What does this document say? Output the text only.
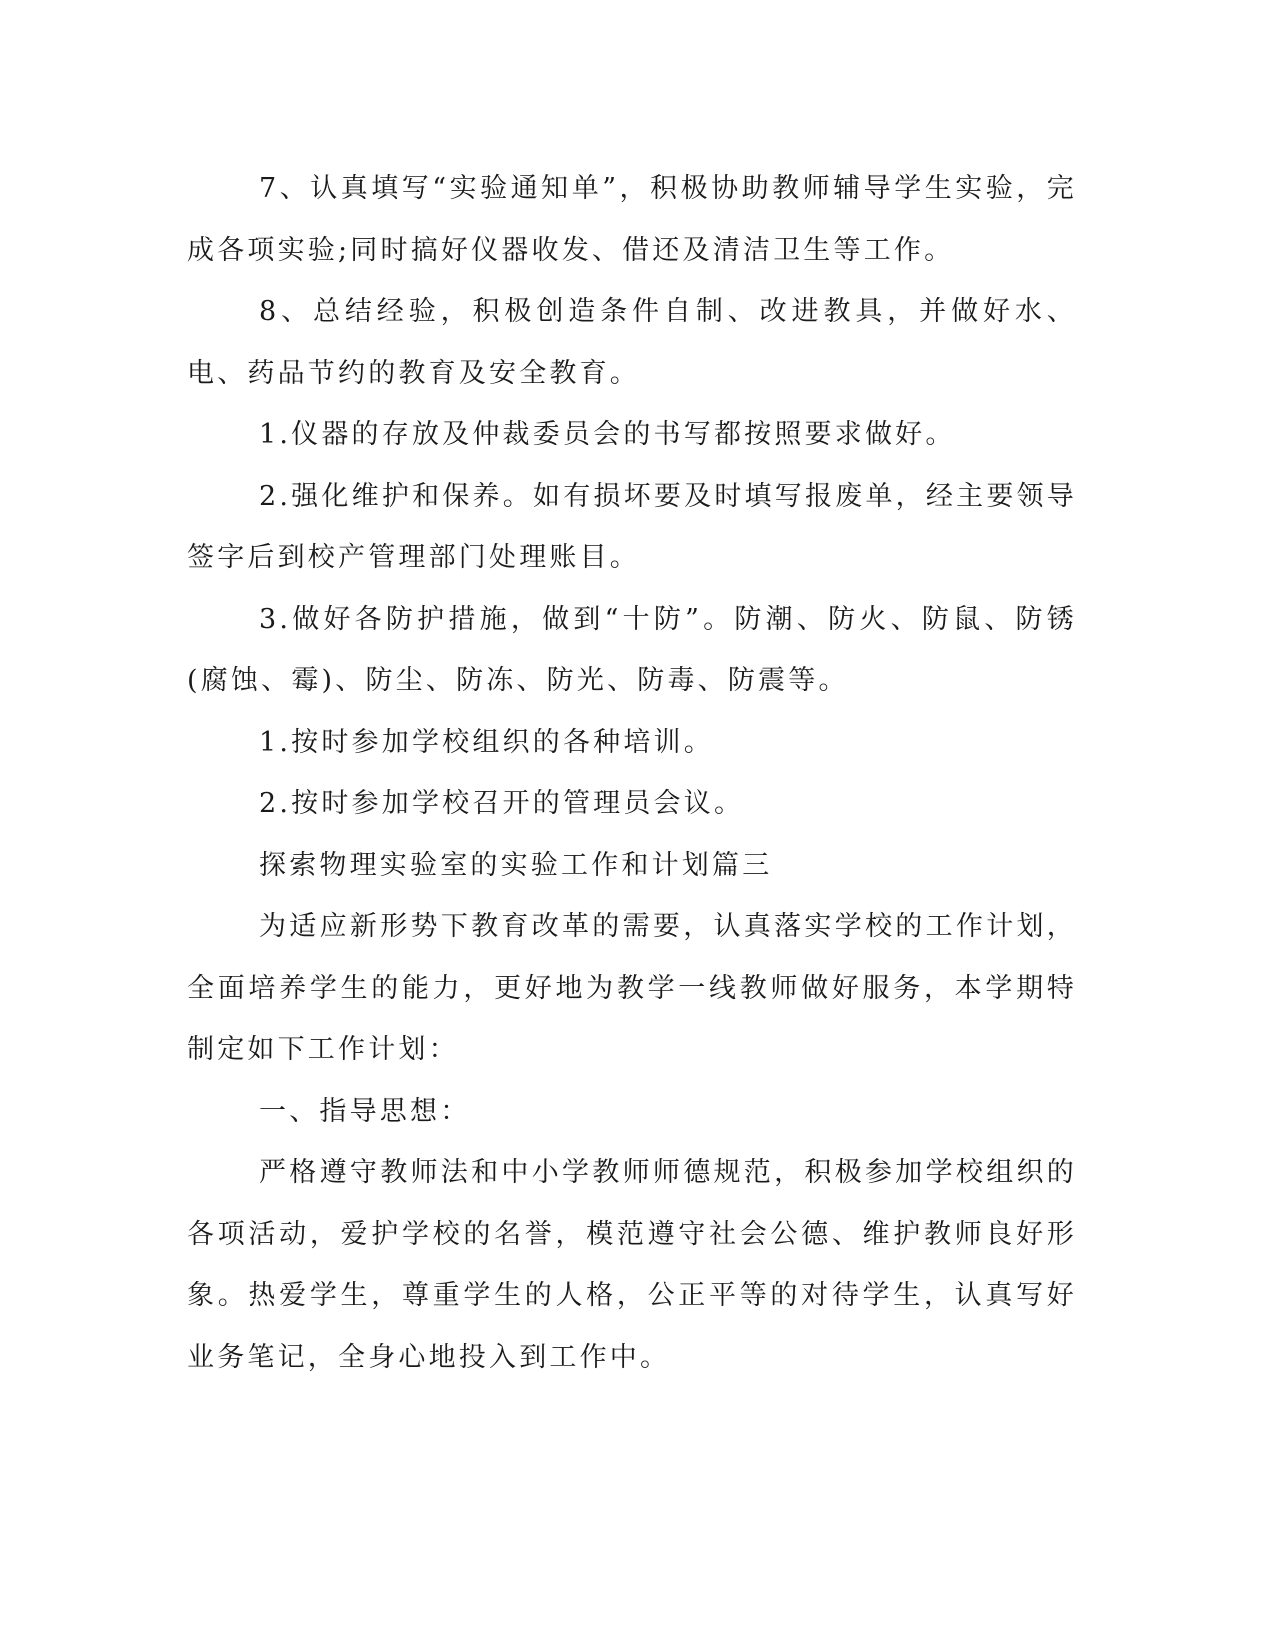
7、认真填写“实验通知单”，积极协助教师辅导学生实验，完成各项实验;同时搞好仪器收发、借还及清洁卫生等工作。

8、总结经验，积极创造条件自制、改进教具，并做好水、电、药品节约的教育及安全教育。

1.仪器的存放及仲裁委员会的书写都按照要求做好。

2.强化维护和保养。如有损坏要及时填写报废单，经主要领导签字后到校产管理部门处理账目。

3.做好各防护措施，做到“十防”。防潮、防火、防鼠、防锈(腐蚀、霉)、防尘、防冻、防光、防毒、防震等。

1.按时参加学校组织的各种培训。

2.按时参加学校召开的管理员会议。

探索物理实验室的实验工作和计划篇三

为适应新形势下教育改革的需要，认真落实学校的工作计划，全面培养学生的能力，更好地为教学一线教师做好服务，本学期特制定如下工作计划：

一、指导思想：

严格遵守教师法和中小学教师师德规范，积极参加学校组织的各项活动，爱护学校的名誉，模范遵守社会公德、维护教师良好形象。热爱学生，尊重学生的人格，公正平等的对待学生，认真写好业务笔记，全身心地投入到工作中。
